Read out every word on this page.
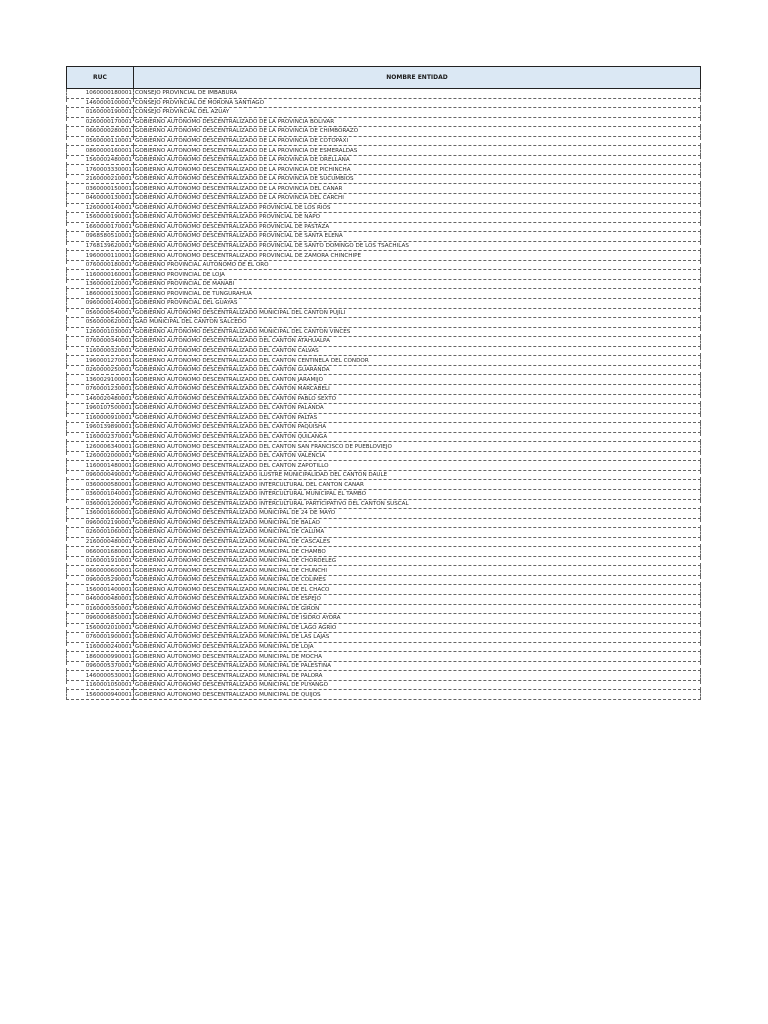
RUC	NOMBRE ENTIDAD
1060000180001	CONSEJO PROVINCIAL DE IMBABURA
1460000100001	CONSEJO PROVINCIAL DE MORONA SANTIAGO
0160000190001	CONSEJO PROVINCIAL DEL AZUAY
0260000170001	GOBIERNO AUTONOMO DESCENTRALIZADO DE LA PROVINCIA BOLIVAR
0660000280001	GOBIERNO AUTONOMO DESCENTRALIZADO DE LA PROVINCIA DE CHIMBORAZO
0560000110001	GOBIERNO AUTONOMO DESCENTRALIZADO DE LA PROVINCIA DE COTOPAXI
0860000160001	GOBIERNO AUTONOMO DESCENTRALIZADO DE LA PROVINCIA DE ESMERALDAS
1560002480001	GOBIERNO AUTONOMO DESCENTRALIZADO DE LA PROVINCIA DE ORELLANA
1760003330001	GOBIERNO AUTONOMO DESCENTRALIZADO DE LA PROVINCIA DE PICHINCHA
2160000210001	GOBIERNO AUTONOMO DESCENTRALIZADO DE LA PROVINCIA DE SUCUMBIOS
0360000150001	GOBIERNO AUTONOMO DESCENTRALIZADO DE LA PROVINCIA DEL CANAR
0460000130001	GOBIERNO AUTONOMO DESCENTRALIZADO DE LA PROVINCIA DEL CARCHI
1260000140001	GOBIERNO AUTONOMO DESCENTRALIZADO PROVINCIAL DE LOS RIOS
1560000190001	GOBIERNO AUTONOMO DESCENTRALIZADO PROVINCIAL DE NAPO
1660000170001	GOBIERNO AUTONOMO DESCENTRALIZADO PROVINCIAL DE PASTAZA
0968580510001	GOBIERNO AUTONOMO DESCENTRALIZADO PROVINCIAL DE SANTA ELENA
1768139620001	GOBIERNO AUTONOMO DESCENTRALIZADO PROVINCIAL DE SANTO DOMINGO DE LOS TSACHILAS
1960000110001	GOBIERNO AUTONOMO DESCENTRALIZADO PROVINCIAL DE ZAMORA CHINCHIPE
0760000180001	GOBIERNO PROVINCIAL AUTONOMO DE EL ORO
1160000160001	GOBIERNO PROVINCIAL DE LOJA
1360000120001	GOBIERNO PROVINCIAL DE MANABI
1860000130001	GOBIERNO PROVINCIAL DE TUNGURAHUA
0960000140001	GOBIERNO PROVINCIAL DEL GUAYAS
0560000540001	GOBIERNO AUTONOMO DESCENTRALIZADO MUNICIPAL DEL CANTON PUJILI
0560000620001	GAD MUNICIPAL DEL CANTON SALCEDO
1260001030001	GOBIERNO AUTONOMO DESCENTRALIZADO MUNICIPAL DEL CANTON VINCES
0760000340001	GOBIERNO AUTONOMO DESCENTRALIZADO DEL CANTON ATAHUALPA
1160000320001	GOBIERNO AUTONOMO DESCENTRALIZADO DEL CANTON CALVAS
1960001270001	GOBIERNO AUTONOMO DESCENTRALIZADO DEL CANTON CENTINELA DEL CONDOR
0260000250001	GOBIERNO AUTONOMO DESCENTRALIZADO DEL CANTON GUARANDA
1360029100001	GOBIERNO AUTONOMO DESCENTRALIZADO DEL CANTON JARAMIJO
0760001230001	GOBIERNO AUTONOMO DESCENTRALIZADO DEL CANTON MARCABELI
1460020480001	GOBIERNO AUTONOMO DESCENTRALIZADO DEL CANTON PABLO SEXTO
1960107500001	GOBIERNO AUTONOMO DESCENTRALIZADO DEL CANTON PALANDA
1160000910001	GOBIERNO AUTONOMO DESCENTRALIZADO DEL CANTON PALTAS
1960139890001	GOBIERNO AUTONOMO DESCENTRALIZADO DEL CANTON PAQUISHA
1160002370001	GOBIERNO AUTONOMO DESCENTRALIZADO DEL CANTON QUILANGA
1260006340001	GOBIERNO AUTONOMO DESCENTRALIZADO DEL CANTON SAN FRANCISCO DE PUEBLOVIEJO
1260002000001	GOBIERNO AUTONOMO DESCENTRALIZADO DEL CANTON VALENCIA
1160001480001	GOBIERNO AUTONOMO DESCENTRALIZADO DEL CANTON ZAPOTILLO
0960000490001	GOBIERNO AUTONOMO DESCENTRALIZADO ILUSTRE MUNICIPALIDAD DEL CANTON DAULE
0360000580001	GOBIERNO AUTONOMO DESCENTRALIZADO INTERCULTURAL DEL CANTON CANAR
0360001040001	GOBIERNO AUTONOMO DESCENTRALIZADO INTERCULTURAL MUNICIPAL EL TAMBO
0360001200001	GOBIERNO AUTONOMO DESCENTRALIZADO INTERCULTURAL PARTICIPATIVO DEL CANTON SUSCAL
1360001600001	GOBIERNO AUTONOMO DESCENTRALIZADO MUNICIPAL DE 24 DE MAYO
0960002190001	GOBIERNO AUTONOMO DESCENTRALIZADO MUNICIPAL DE BALAO
0260001060001	GOBIERNO AUTONOMO DESCENTRALIZADO MUNICIPAL DE CALUMA
2160000480001	GOBIERNO AUTONOMO DESCENTRALIZADO MUNICIPAL DE CASCALES
0660001680001	GOBIERNO AUTONOMO DESCENTRALIZADO MUNICIPAL DE CHAMBO
0160001910001	GOBIERNO AUTONOMO DESCENTRALIZADO MUNICIPAL DE CHORDELEG
0660000600001	GOBIERNO AUTONOMO DESCENTRALIZADO MUNICIPAL DE CHUNCHI
0960005290001	GOBIERNO AUTONOMO DESCENTRALIZADO MUNICIPAL DE COLIMES
1560001400001	GOBIERNO AUTONOMO DESCENTRALIZADO MUNICIPAL DE EL CHACO
0460000480001	GOBIERNO AUTONOMO DESCENTRALIZADO MUNICIPAL DE ESPEJO
0160000350001	GOBIERNO AUTONOMO DESCENTRALIZADO MUNICIPAL DE GIRON
0960006850001	GOBIERNO AUTONOMO DESCENTRALIZADO MUNICIPAL DE ISIDRO AYORA
1560002010001	GOBIERNO AUTONOMO DESCENTRALIZADO MUNICIPAL DE LAGO AGRIO
0760001900001	GOBIERNO AUTONOMO DESCENTRALIZADO MUNICIPAL DE LAS LAJAS
1160000240001	GOBIERNO AUTONOMO DESCENTRALIZADO MUNICIPAL DE LOJA
1860000990001	GOBIERNO AUTONOMO DESCENTRALIZADO MUNICIPAL DE MOCHA
0960005370001	GOBIERNO AUTONOMO DESCENTRALIZADO MUNICIPAL DE PALESTINA
1460000530001	GOBIERNO AUTONOMO DESCENTRALIZADO MUNICIPAL DE PALORA
1160001050001	GOBIERNO AUTONOMO DESCENTRALIZADO MUNICIPAL DE PUYANGO
1560000940001	GOBIERNO AUTONOMO DESCENTRALIZADO MUNICIPAL DE QUIJOS
